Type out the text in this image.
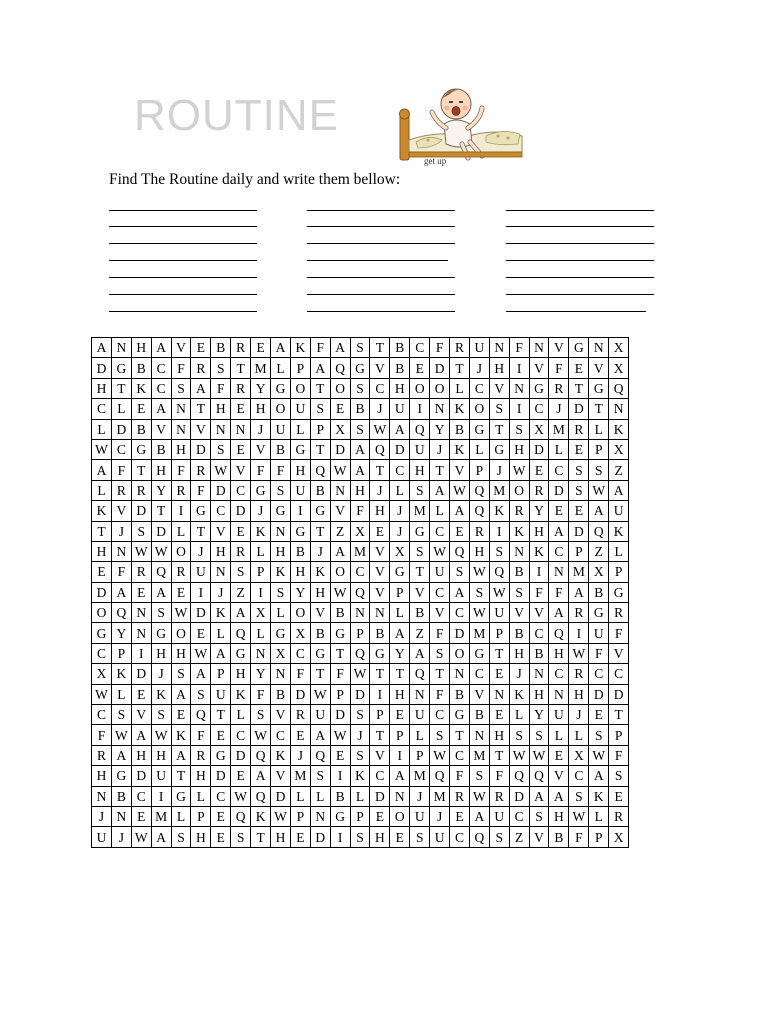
ROUTINE
get up
Find The Routine daily and write them bellow:
A	N	H	A	V	E	B	R	E	A	K	F	A	S	T	B	C	F	R	U	N	F	N	V	G	N	X
D	G	B	C	F	R	S	T	M	L	P	A	Q	G	V	B	E	D	T	J	H	I	V	F	E	V	X
H	T	K	C	S	A	F	R	Y	G	O	T	O	S	C	H	O	O	L	C	V	N	G	R	T	G	Q
C	L	E	A	N	T	H	E	H	O	U	S	E	B	J	U	I	N	K	O	S	I	C	J	D	T	N
L	D	B	V	N	V	N	N	J	U	L	P	X	S	W	A	Q	Y	B	G	T	S	X	M	R	L	K
W	C	G	B	H	D	S	E	V	B	G	T	D	A	Q	D	U	J	K	L	G	H	D	L	E	P	X
A	F	T	H	F	R	W	V	F	F	H	Q	W	A	T	C	H	T	V	P	J	W	E	C	S	S	Z
L	R	R	Y	R	F	D	C	G	S	U	B	N	H	J	L	S	A	W	Q	M	O	R	D	S	W	A
K	V	D	T	I	G	C	D	J	G	I	G	V	F	H	J	M	L	A	Q	K	R	Y	E	E	A	U
T	J	S	D	L	T	V	E	K	N	G	T	Z	X	E	J	G	C	E	R	I	K	H	A	D	Q	K
H	N	W	W	O	J	H	R	L	H	B	J	A	M	V	X	S	W	Q	H	S	N	K	C	P	Z	L
E	F	R	Q	R	U	N	S	P	K	H	K	O	C	V	G	T	U	S	W	Q	B	I	N	M	X	P
D	A	E	A	E	I	J	Z	I	S	Y	H	W	Q	V	P	V	C	A	S	W	S	F	F	A	B	G
O	Q	N	S	W	D	K	A	X	L	O	V	B	N	N	L	B	V	C	W	U	V	V	A	R	G	R
G	Y	N	G	O	E	L	Q	L	G	X	B	G	P	B	A	Z	F	D	M	P	B	C	Q	I	U	F
C	P	I	H	H	W	A	G	N	X	C	G	T	Q	G	Y	A	S	O	G	T	H	B	H	W	F	V
X	K	D	J	S	A	P	H	Y	N	F	T	F	W	T	T	Q	T	N	C	E	J	N	C	R	C	C
W	L	E	K	A	S	U	K	F	B	D	W	P	D	I	H	N	F	B	V	N	K	H	N	H	D	D
C	S	V	S	E	Q	T	L	S	V	R	U	D	S	P	E	U	C	G	B	E	L	Y	U	J	E	T
F	W	A	W	K	F	E	C	W	C	E	A	W	J	T	P	L	S	T	N	H	S	S	L	L	S	P
R	A	H	H	A	R	G	D	Q	K	J	Q	E	S	V	I	P	W	C	M	T	W	W	E	X	W	F
H	G	D	U	T	H	D	E	A	V	M	S	I	K	C	A	M	Q	F	S	F	Q	Q	V	C	A	S
N	B	C	I	G	L	C	W	Q	D	L	L	B	L	D	N	J	M	R	W	R	D	A	A	S	K	E
J	N	E	M	L	P	E	Q	K	W	P	N	G	P	E	O	U	J	E	A	U	C	S	H	W	L	R
U	J	W	A	S	H	E	S	T	H	E	D	I	S	H	E	S	U	C	Q	S	Z	V	B	F	P	X
